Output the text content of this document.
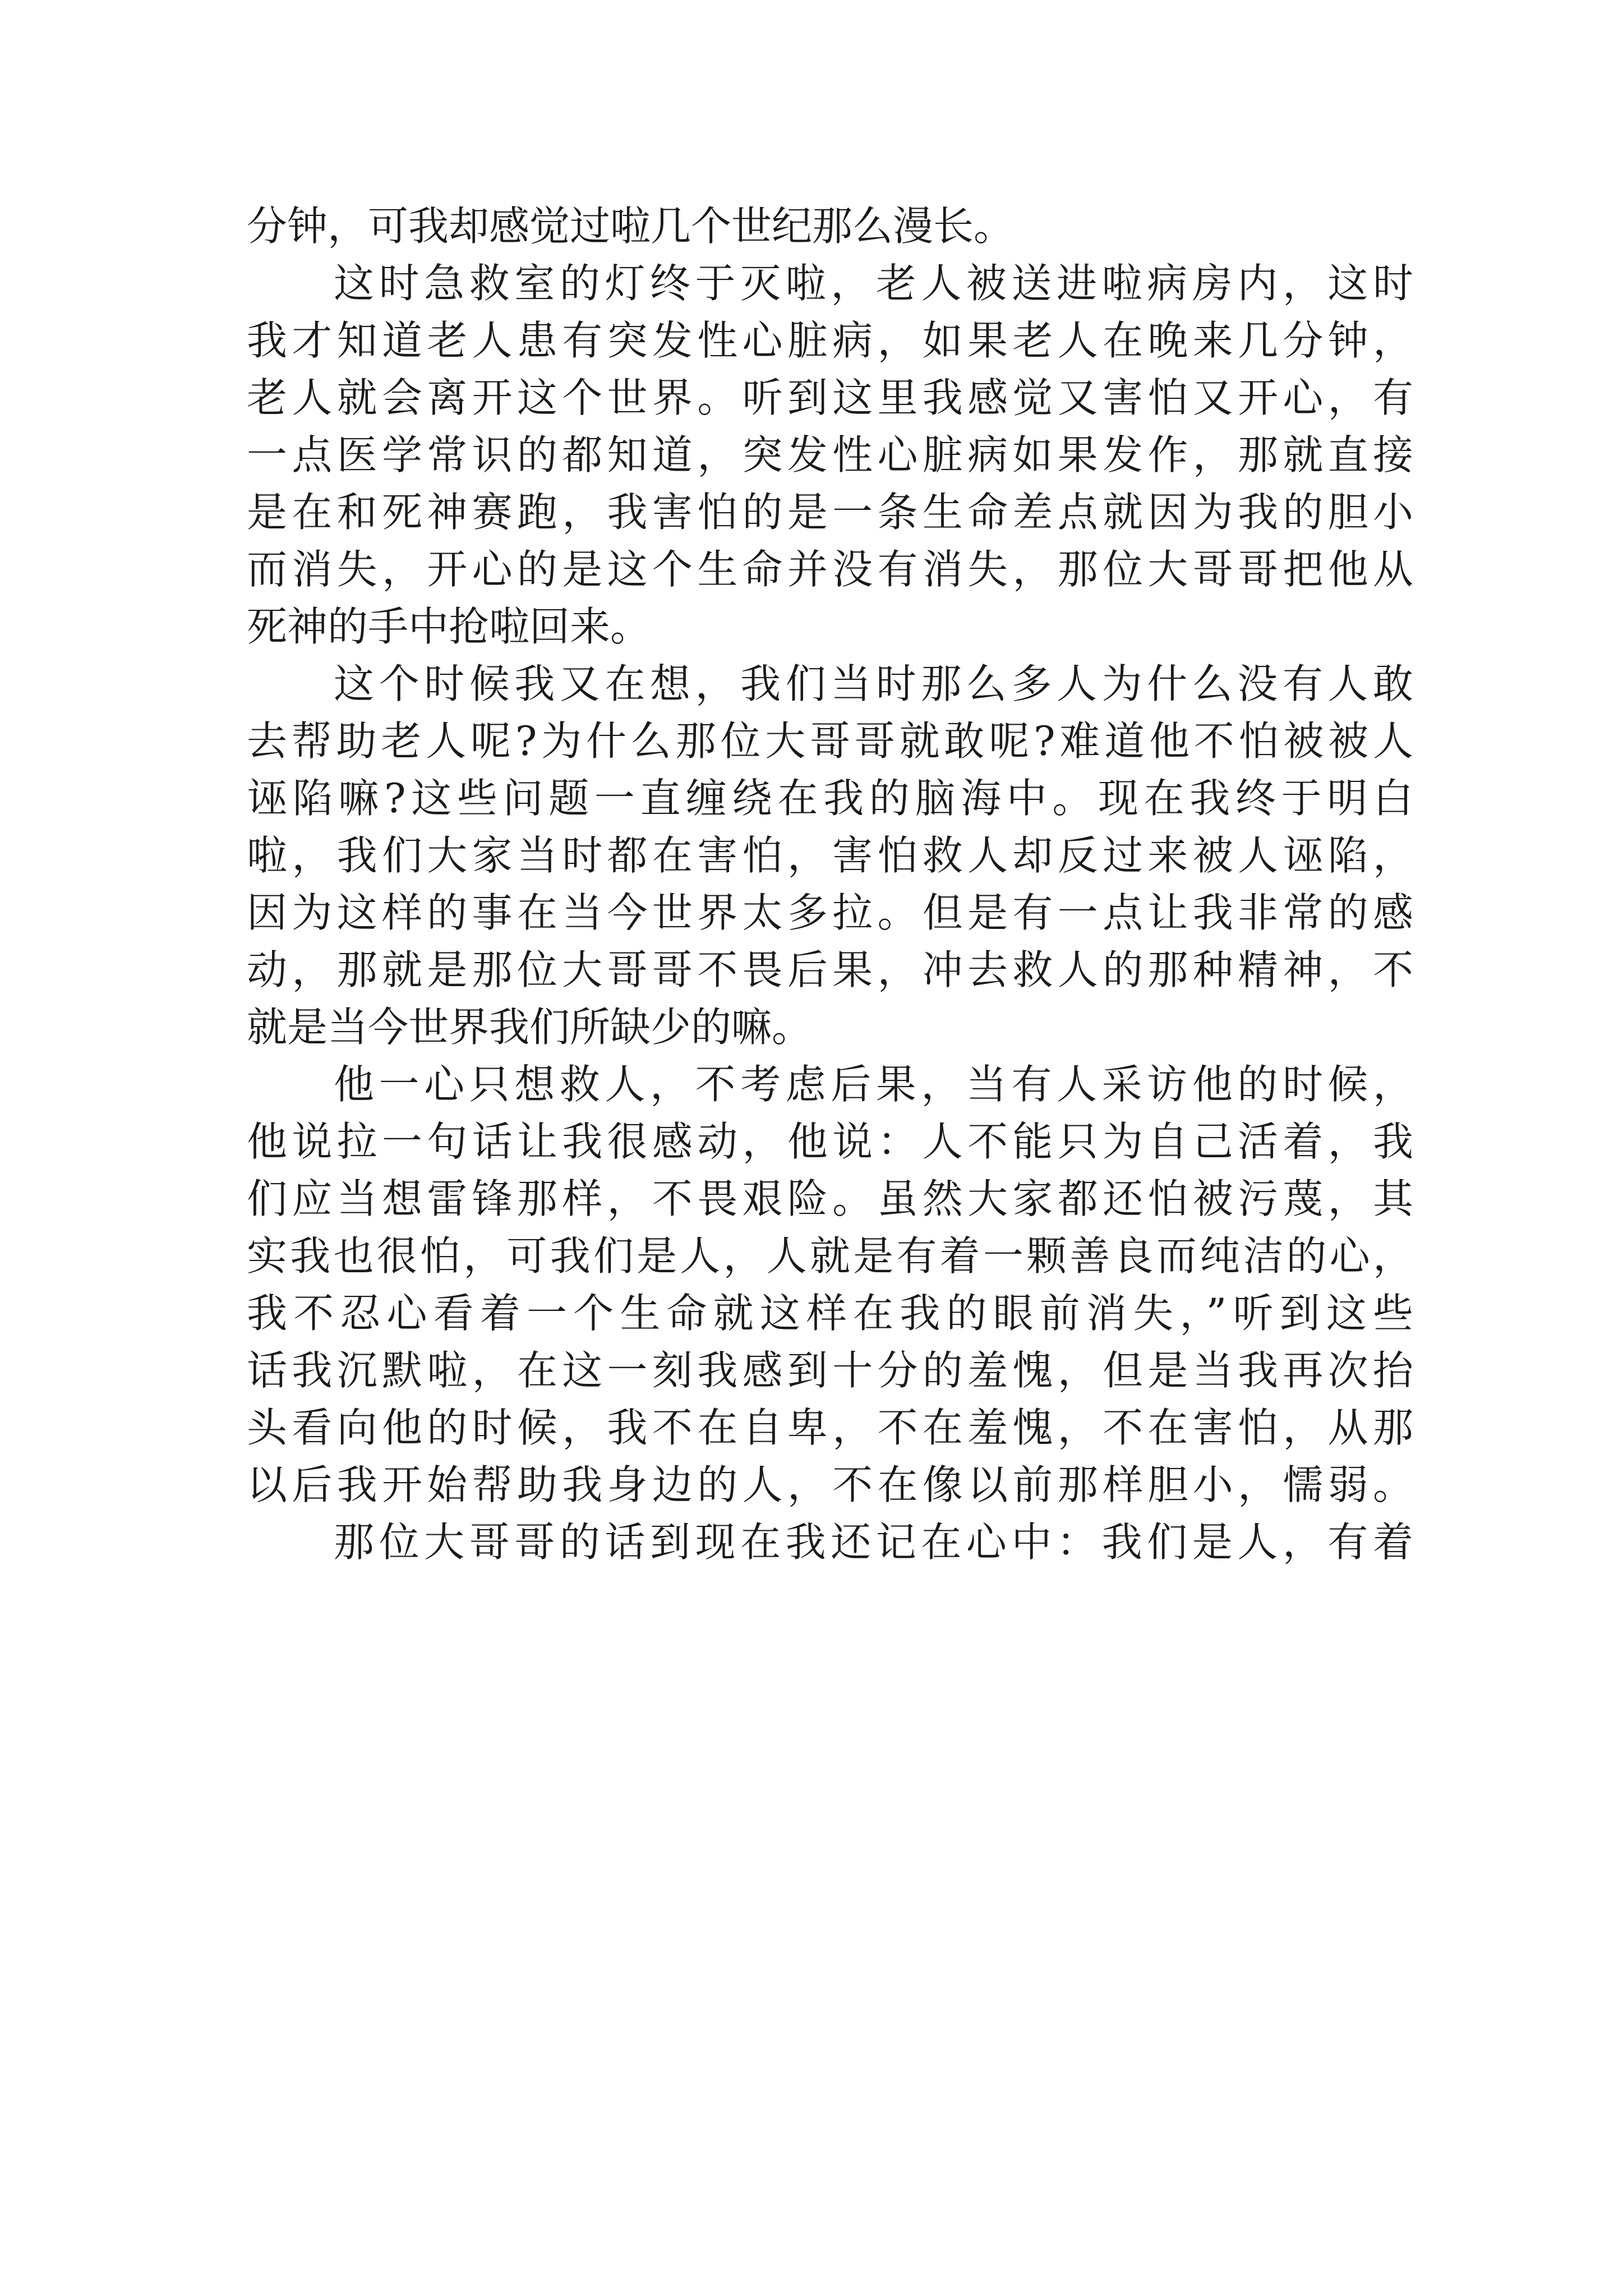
分钟，可我却感觉过啦几个世纪那么漫长。
这时急救室的灯终于灭啦，老人被送进啦病房内，这时
我才知道老人患有突发性心脏病，如果老人在晚来几分钟，
老人就会离开这个世界。听到这里我感觉又害怕又开心，有
一点医学常识的都知道，突发性心脏病如果发作，那就直接
是在和死神赛跑，我害怕的是一条生命差点就因为我的胆小
而消失，开心的是这个生命并没有消失，那位大哥哥把他从
死神的手中抢啦回来。
这个时候我又在想，我们当时那么多人为什么没有人敢
去帮助老人呢?为什么那位大哥哥就敢呢?难道他不怕被被人
诬陷嘛?这些问题一直缠绕在我的脑海中。现在我终于明白
啦，我们大家当时都在害怕，害怕救人却反过来被人诬陷，
因为这样的事在当今世界太多拉。但是有一点让我非常的感
动，那就是那位大哥哥不畏后果，冲去救人的那种精神，不
就是当今世界我们所缺少的嘛。
他一心只想救人，不考虑后果，当有人采访他的时候，
他说拉一句话让我很感动，他说：人不能只为自己活着，我
们应当想雷锋那样，不畏艰险。虽然大家都还怕被污蔑，其
实我也很怕，可我们是人，人就是有着一颗善良而纯洁的心，
我不忍心看着一个生命就这样在我的眼前消失，”听到这些
话我沉默啦，在这一刻我感到十分的羞愧，但是当我再次抬
头看向他的时候，我不在自卑，不在羞愧，不在害怕，从那
以后我开始帮助我身边的人，不在像以前那样胆小，懦弱。
那位大哥哥的话到现在我还记在心中：我们是人，有着
